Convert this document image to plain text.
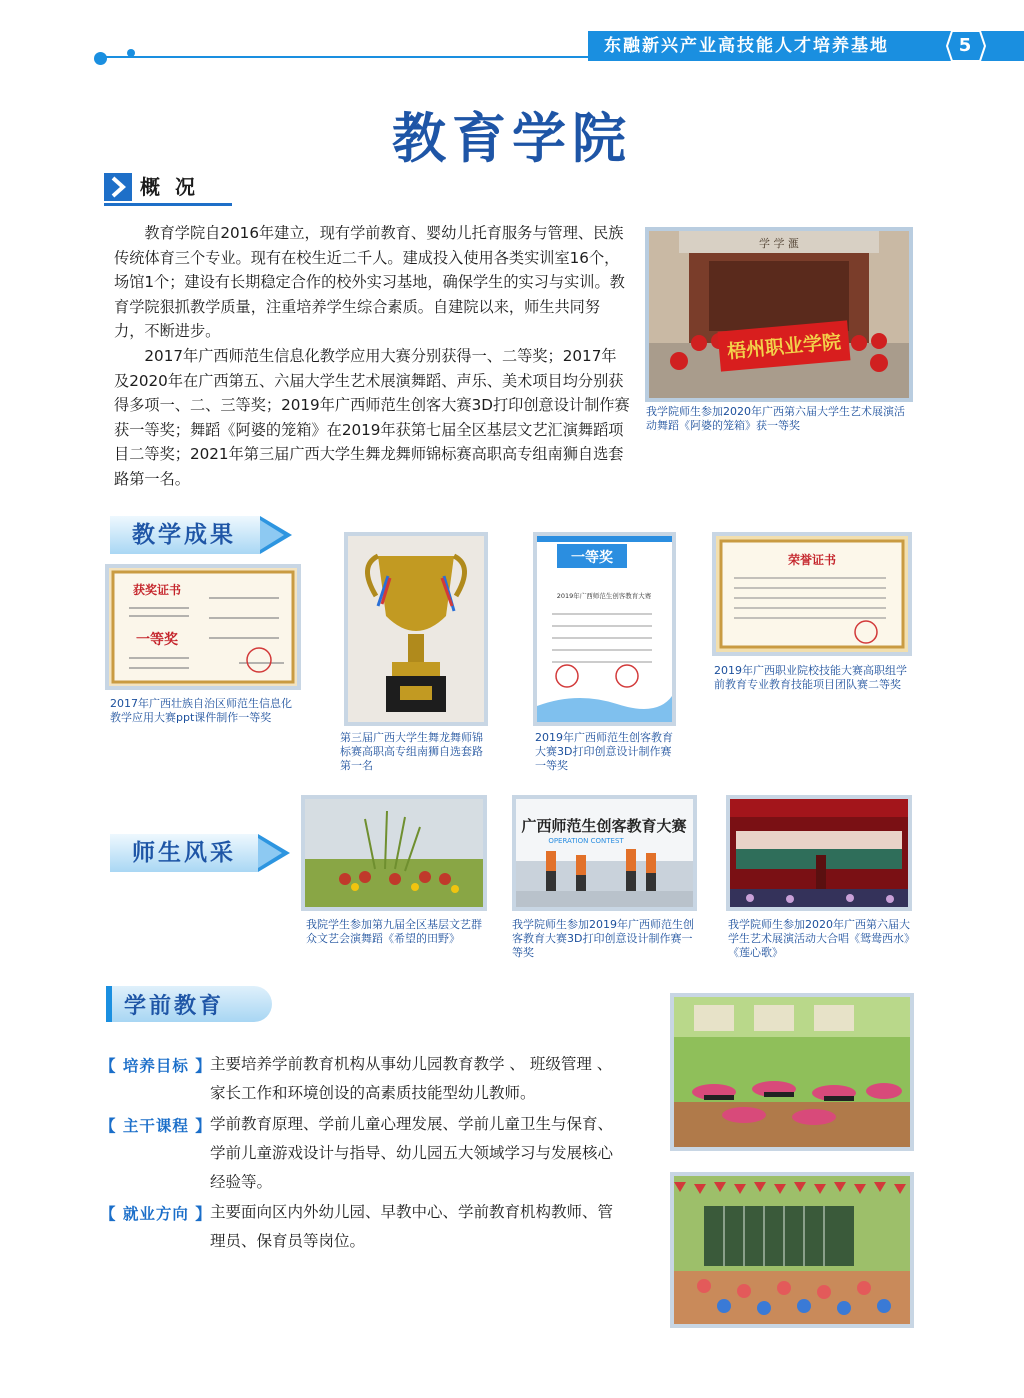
东融新兴产业高技能人才培养基地	5
教育学院
概 况

教育学院自2016年建立，现有学前教育、婴幼儿托育服务与管理、民族传统体育三个专业。现有在校生近二千人。建成投入使用各类实训室16个，场馆1个；建设有长期稳定合作的校外实习基地，确保学生的实习与实训。教育学院狠抓教学质量，注重培养学生综合素质。自建院以来，师生共同努力，不断进步。

2017年广西师范生信息化教学应用大赛分别获得一、二等奖；2017年及2020年在广西第五、六届大学生艺术展演舞蹈、声乐、美术项目均分别获得多项一、二、三等奖；2019年广西师范生创客大赛3D打印创意设计制作赛获一等奖；舞蹈《阿婆的笼箱》在2019年获第七届全区基层文艺汇演舞蹈项目二等奖；2021年第三届广西大学生舞龙舞师锦标赛高职高专组南狮自选套路第一名。

学 学 滙
梧州职业学院
我学院师生参加2020年广西第六届大学生艺术展演活动舞蹈《阿婆的笼箱》获一等奖
教学成果
获奖证书
一等奖
2017年广西壮族自治区师范生信息化教学应用大赛ppt课件制作一等奖
第三届广西大学生舞龙舞师锦标赛高职高专组南狮自选套路第一名
一等奖
2019年广西师范生创客教育大赛
2019年广西师范生创客教育大赛3D打印创意设计制作赛一等奖
荣誉证书
2019年广西职业院校技能大赛高职组学前教育专业教育技能项目团队赛二等奖
师生风采
我院学生参加第九届全区基层文艺群众文艺会演舞蹈《希望的田野》
广西师范生创客教育大赛
OPERATION CONTEST
我学院师生参加2019年广西师范生创客教育大赛3D打印创意设计制作赛一等奖
我学院师生参加2020年广西第六届大学生艺术展演活动大合唱《鸳鸯西水》《莲心歌》
学前教育
【 培养目标 】
主要培养学前教育机构从事幼儿园教育教学 、 班级管理 、
家长工作和环境创设的高素质技能型幼儿教师。
【 主干课程 】
学前教育原理、学前儿童心理发展、学前儿童卫生与保育、
学前儿童游戏设计与指导、幼儿园五大领域学习与发展核心
经验等。
【 就业方向 】
主要面向区内外幼儿园、早教中心、学前教育机构教师、管
理员、保育员等岗位。
